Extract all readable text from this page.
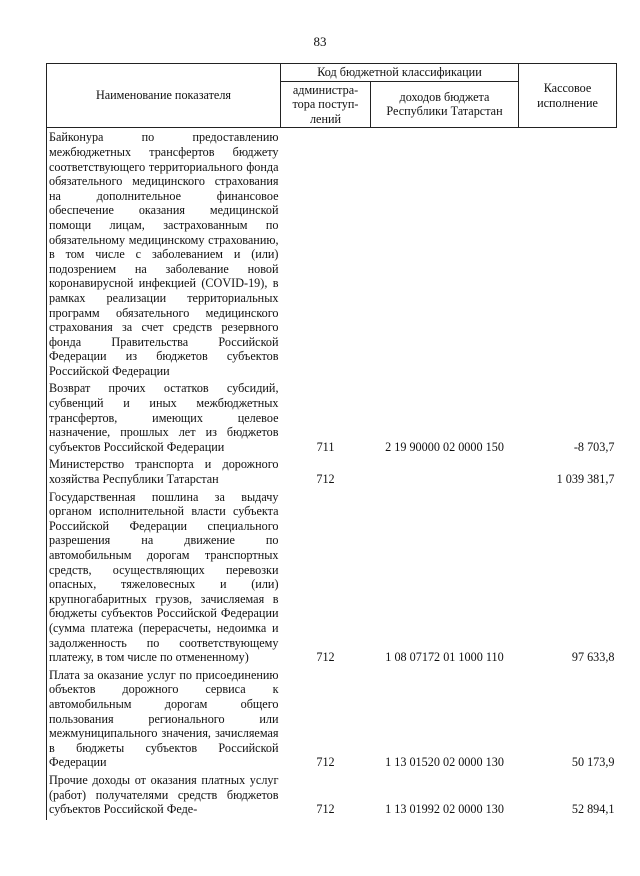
83
Наименование показателя	Код бюджетной классификации		Кассовое исполнение
	администра-тора поступ-лений	доходов бюджета Республики Татарстан	
Байконура по предоставлению межбюджетных трансфертов бюджету соответствующего территориального фонда обязательного медицинского страхования на дополнительное финансовое обеспечение оказания медицинской помощи лицам, застрахованным по обязательному медицинскому страхованию, в том числе с заболеванием и (или) подозрением на заболевание новой коронавирусной инфекцией (COVID-19), в рамках реализации территориальных программ обязательного медицинского страхования за счет средств резервного фонда Правительства Российской Федерации из бюджетов субъектов Российской Федерации			
Возврат прочих остатков субсидий, субвенций и иных межбюджетных трансфертов, имеющих целевое назначение, прошлых лет из бюджетов субъектов Российской Федерации	711	2 19 90000 02 0000 150	-8 703,7
Министерство транспорта и дорожного хозяйства Республики Татарстан	712		1 039 381,7
Государственная пошлина за выдачу органом исполнительной власти субъекта Российской Федерации специального разрешения на движение по автомобильным дорогам транспортных средств, осуществляющих перевозки опасных, тяжеловесных и (или) крупногабаритных грузов, зачисляемая в бюджеты субъектов Российской Федерации (сумма платежа (перерасчеты, недоимка и задолженность по соответствующему платежу, в том числе по отмененному)	712	1 08 07172 01 1000 110	97 633,8
Плата за оказание услуг по присоединению объектов дорожного сервиса к автомобильным дорогам общего пользования регионального или межмуниципального значения, зачисляемая в бюджеты субъектов Российской Федерации	712	1 13 01520 02 0000 130	50 173,9
Прочие доходы от оказания платных услуг (работ) получателями средств бюджетов субъектов Российской Феде-	712	1 13 01992 02 0000 130	52 894,1
